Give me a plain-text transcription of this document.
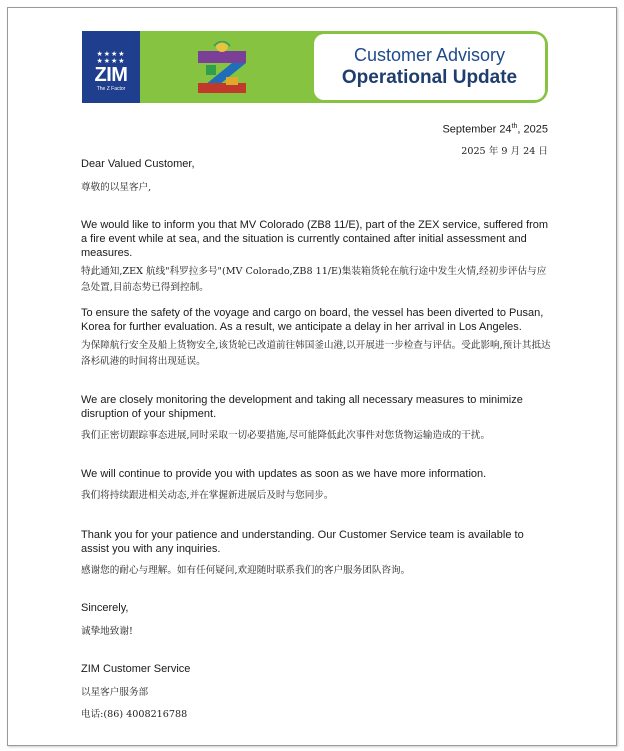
★★★★
★★★★
ZIM
The Z Factor
Customer Advisory
Operational Update
September 24th, 2025
2025 年 9 月 24 日

Dear Valued Customer,

尊敬的以星客户,

We would like to inform you that MV Colorado (ZB8 11/E), part of the ZEX service, suffered from a fire event while at sea, and the situation is currently contained after initial assessment and measures.

特此通知,ZEX 航线"科罗拉多号"(MV Colorado,ZB8 11/E)集装箱货轮在航行途中发生火情,经初步评估与应急处置,目前态势已得到控制。

To ensure the safety of the voyage and cargo on board, the vessel has been diverted to Pusan, Korea for further evaluation. As a result, we anticipate a delay in her arrival in Los Angeles.

为保障航行安全及船上货物安全,该货轮已改道前往韩国釜山港,以开展进一步检查与评估。受此影响,预计其抵达洛杉矶港的时间将出现延误。

We are closely monitoring the development and taking all necessary measures to minimize disruption of your shipment.

我们正密切跟踪事态进展,同时采取一切必要措施,尽可能降低此次事件对您货物运输造成的干扰。

We will continue to provide you with updates as soon as we have more information.

我们将持续跟进相关动态,并在掌握新进展后及时与您同步。

Thank you for your patience and understanding. Our Customer Service team is available to assist you with any inquiries.

感谢您的耐心与理解。如有任何疑问,欢迎随时联系我们的客户服务团队咨询。

Sincerely,

诚挚地致谢!

ZIM Customer Service

以星客户服务部

电话:(86) 4008216788
